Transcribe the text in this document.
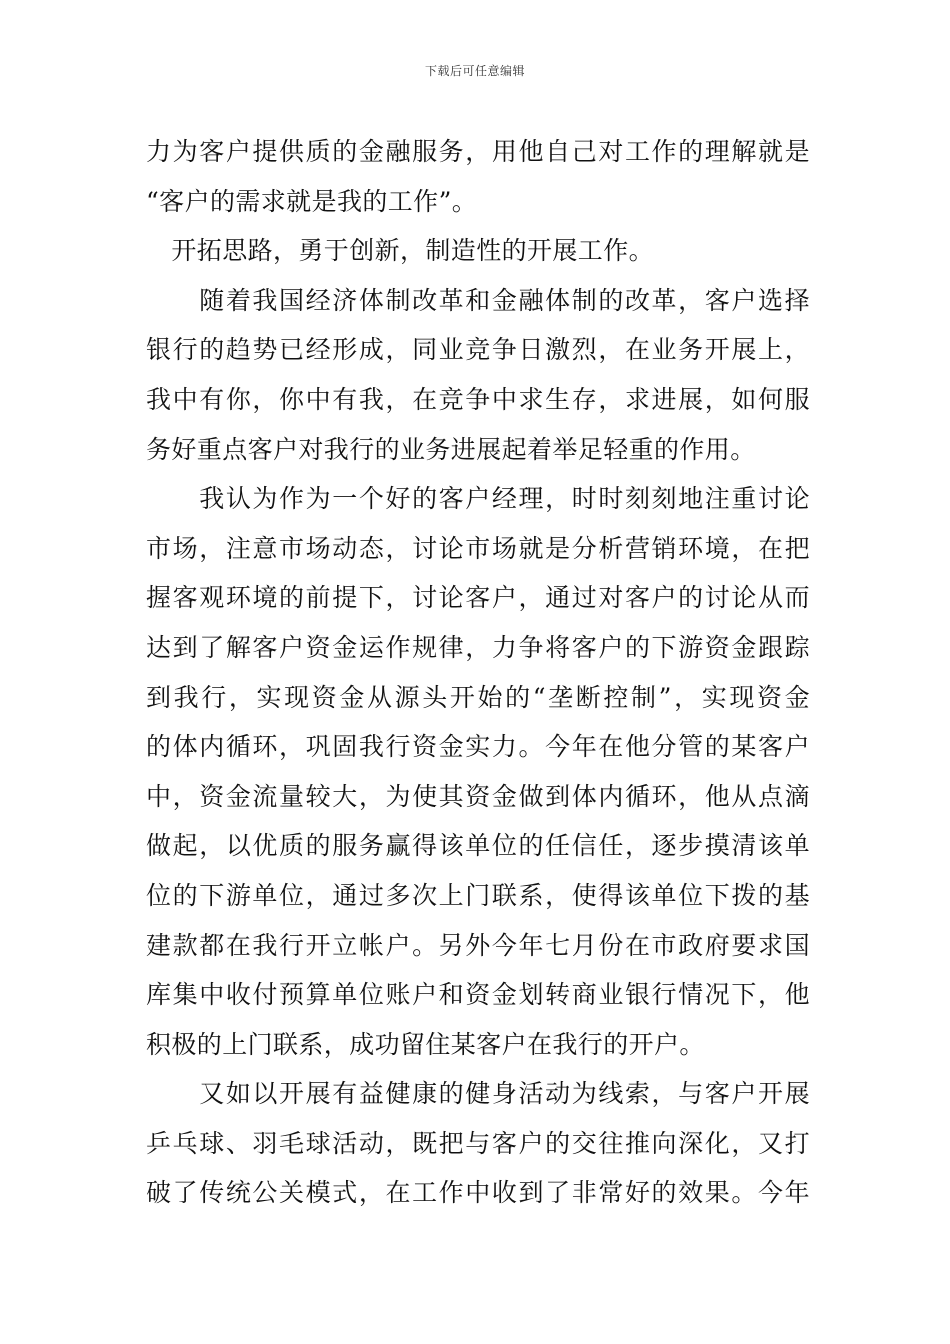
下载后可任意编辑
力为客户提供质的金融服务，用他自己对工作的理解就是
“客户的需求就是我的工作”。
　开拓思路，勇于创新，制造性的开展工作。
　　随着我国经济体制改革和金融体制的改革，客户选择
银行的趋势已经形成，同业竞争日激烈，在业务开展上，
我中有你，你中有我，在竞争中求生存，求进展，如何服
务好重点客户对我行的业务进展起着举足轻重的作用。
　　我认为作为一个好的客户经理，时时刻刻地注重讨论
市场，注意市场动态，讨论市场就是分析营销环境，在把
握客观环境的前提下，讨论客户，通过对客户的讨论从而
达到了解客户资金运作规律，力争将客户的下游资金跟踪
到我行，实现资金从源头开始的“垄断控制”，实现资金
的体内循环，巩固我行资金实力。今年在他分管的某客户
中，资金流量较大，为使其资金做到体内循环，他从点滴
做起，以优质的服务赢得该单位的任信任，逐步摸清该单
位的下游单位，通过多次上门联系，使得该单位下拨的基
建款都在我行开立帐户。另外今年七月份在市政府要求国
库集中收付预算单位账户和资金划转商业银行情况下，他
积极的上门联系，成功留住某客户在我行的开户。
　　又如以开展有益健康的健身活动为线索，与客户开展
乒乓球、羽毛球活动，既把与客户的交往推向深化，又打
破了传统公关模式，在工作中收到了非常好的效果。今年
